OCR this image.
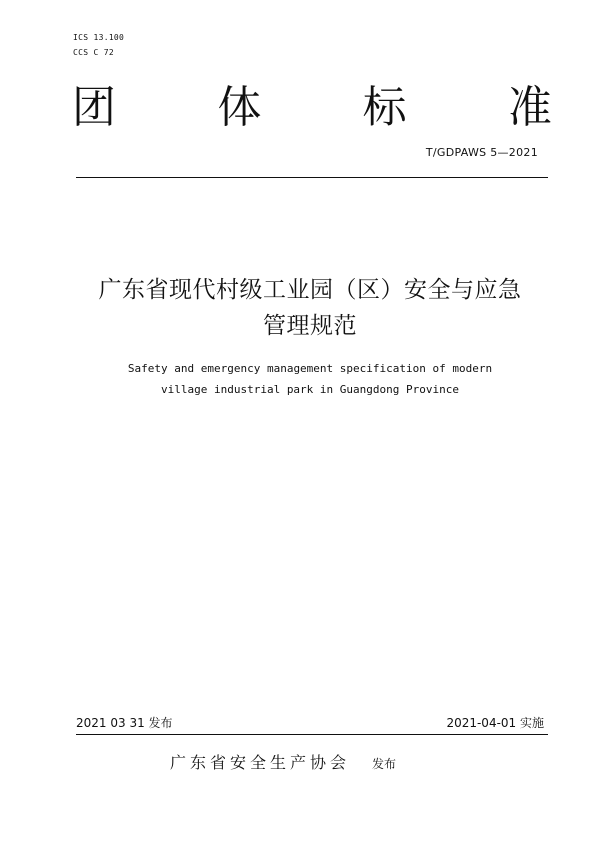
ICS 13.100
CCS C 72
团 体 标 准
T/GDPAWS 5—2021
广东省现代村级工业园（区）安全与应急
管理规范
Safety and emergency management specification of modern
village industrial park in Guangdong Province
2021 03 31 发布	2021-04-01 实施
广东省安全生产协会 发布
